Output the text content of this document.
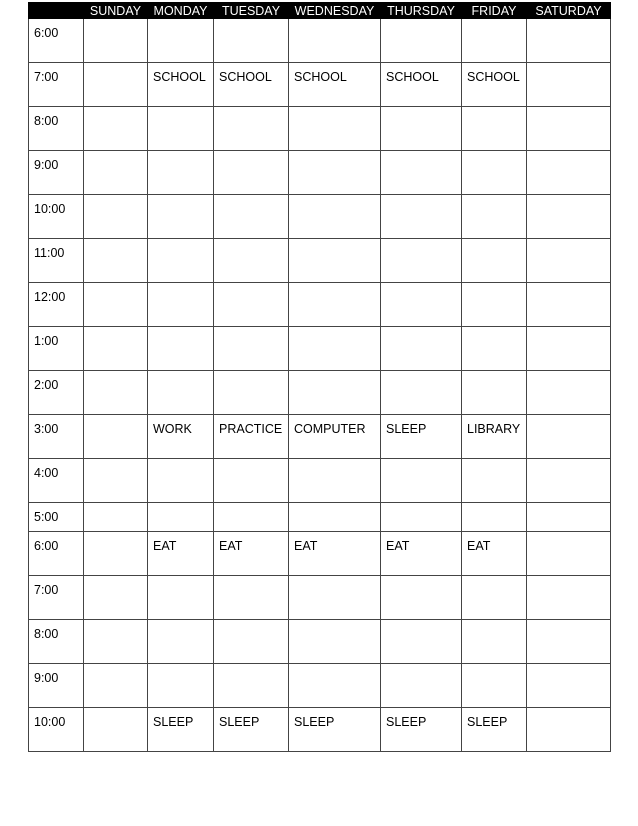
	SUNDAY	MONDAY	TUESDAY	WEDNESDAY	THURSDAY	FRIDAY	SATURDAY
6:00							
7:00		SCHOOL	SCHOOL	SCHOOL	SCHOOL	SCHOOL	
8:00							
9:00							
10:00							
11:00							
12:00							
1:00							
2:00							
3:00		WORK	PRACTICE	COMPUTER	SLEEP	LIBRARY	
4:00							
5:00							
6:00		EAT	EAT	EAT	EAT	EAT	
7:00							
8:00							
9:00							
10:00		SLEEP	SLEEP	SLEEP	SLEEP	SLEEP	
